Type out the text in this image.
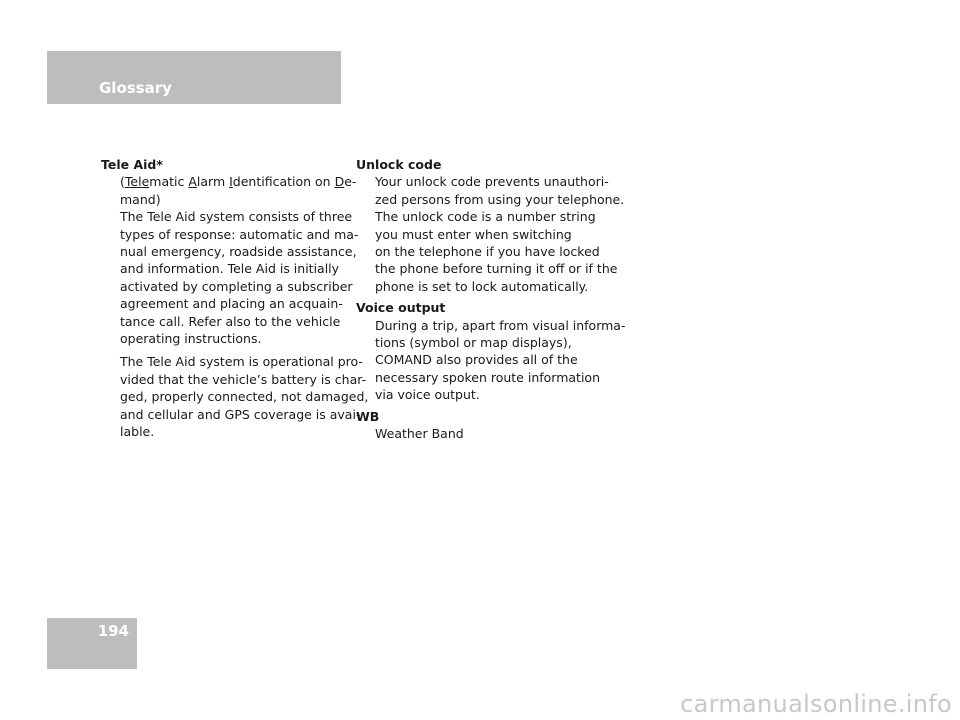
Glossary
Tele Aid*
(Telematic Alarm Identification on De-
mand)
The Tele Aid system consists of three
types of response: automatic and ma-
nual emergency, roadside assistance,
and information. Tele Aid is initially
activated by completing a subscriber
agreement and placing an acquain-
tance call. Refer also to the vehicle
operating instructions.
The Tele Aid system is operational pro-
vided that the vehicle’s battery is char-
ged, properly connected, not damaged,
and cellular and GPS coverage is avai-
lable.
Unlock code
Your unlock code prevents unauthori-
zed persons from using your telephone.
The unlock code is a number string
you must enter when switching
on the telephone if you have locked
the phone before turning it off or if the
phone is set to lock automatically.
Voice output
During a trip, apart from visual informa-
tions (symbol or map displays),
COMAND also provides all of the
necessary spoken route information
via voice output.
WB
Weather Band
194
carmanualsonline.info
